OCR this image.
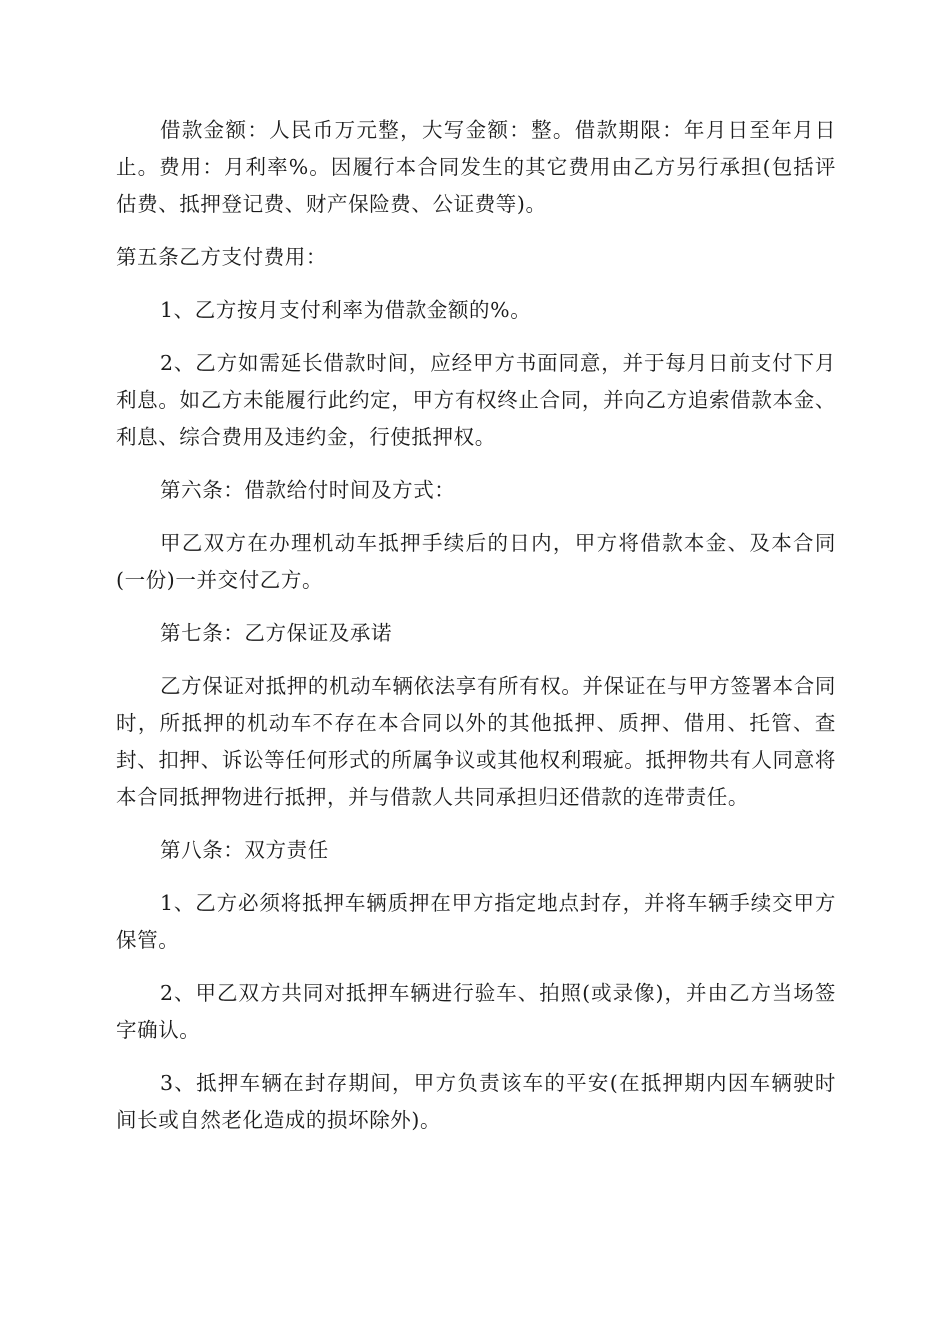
借款金额：人民币万元整，大写金额：整。借款期限：年月日至年月日止。费用：月利率%。因履行本合同发生的其它费用由乙方另行承担(包括评估费、抵押登记费、财产保险费、公证费等)。

第五条乙方支付费用：

1、乙方按月支付利率为借款金额的%。

2、乙方如需延长借款时间，应经甲方书面同意，并于每月日前支付下月利息。如乙方未能履行此约定，甲方有权终止合同，并向乙方追索借款本金、利息、综合费用及违约金，行使抵押权。

第六条：借款给付时间及方式：

甲乙双方在办理机动车抵押手续后的日内，甲方将借款本金、及本合同(一份)一并交付乙方。

第七条：乙方保证及承诺

乙方保证对抵押的机动车辆依法享有所有权。并保证在与甲方签署本合同时，所抵押的机动车不存在本合同以外的其他抵押、质押、借用、托管、查封、扣押、诉讼等任何形式的所属争议或其他权利瑕疵。抵押物共有人同意将本合同抵押物进行抵押，并与借款人共同承担归还借款的连带责任。

第八条：双方责任

1、乙方必须将抵押车辆质押在甲方指定地点封存，并将车辆手续交甲方保管。

2、甲乙双方共同对抵押车辆进行验车、拍照(或录像)，并由乙方当场签字确认。

3、抵押车辆在封存期间，甲方负责该车的平安(在抵押期内因车辆驶时间长或自然老化造成的损坏除外)。
